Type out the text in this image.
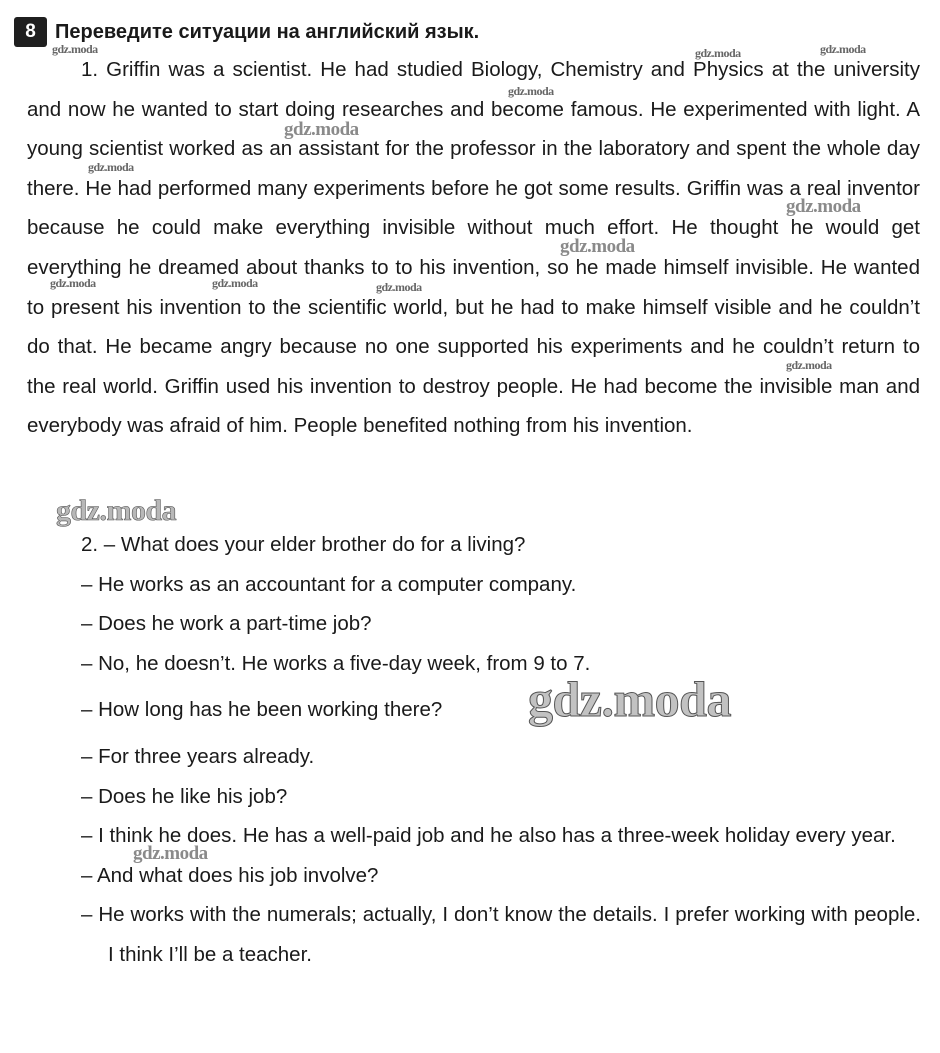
8 Переведите ситуации на английский язык.

1. Griffin was a scientist. He had studied Biology, Chemistry and Physics at the university and now he wanted to start doing researches and become famous. He experimented with light. A young scientist worked as an assistant for the professor in the laboratory and spent the whole day there. He had performed many experiments before he got some results. Griffin was a real inventor because he could make everything invisible without much effort. He thought he would get everything he dreamed about thanks to to his invention, so he made himself invisible. He wanted to present his invention to the scientific world, but he had to make himself visible and he couldn’t do that. He became angry because no one supported his experiments and he couldn’t return to the real world. Griffin used his invention to destroy people. He had become the invisible man and everybody was afraid of him. People benefited nothing from his invention.

2. – What does your elder brother do for a living?

– He works as an accountant for a computer company.

– Does he work a part-time job?

– No, he doesn’t. He works a five-day week, from 9 to 7.

– How long has he been working there?

– For three years already.

– Does he like his job?

– I think he does. He has a well-paid job and he also has a three-week holiday every year.

– And what does his job involve?

– He works with the numerals; actually, I don’t know the details. I prefer working with people. I think I’ll be a teacher.

gdz.moda	gdz.moda	gdz.moda
gdz.moda
gdz.moda
gdz.moda
gdz.moda
gdz.moda
gdz.moda	gdz.moda	gdz.moda
gdz.moda
gdz.moda
gdz.moda
gdz.moda
